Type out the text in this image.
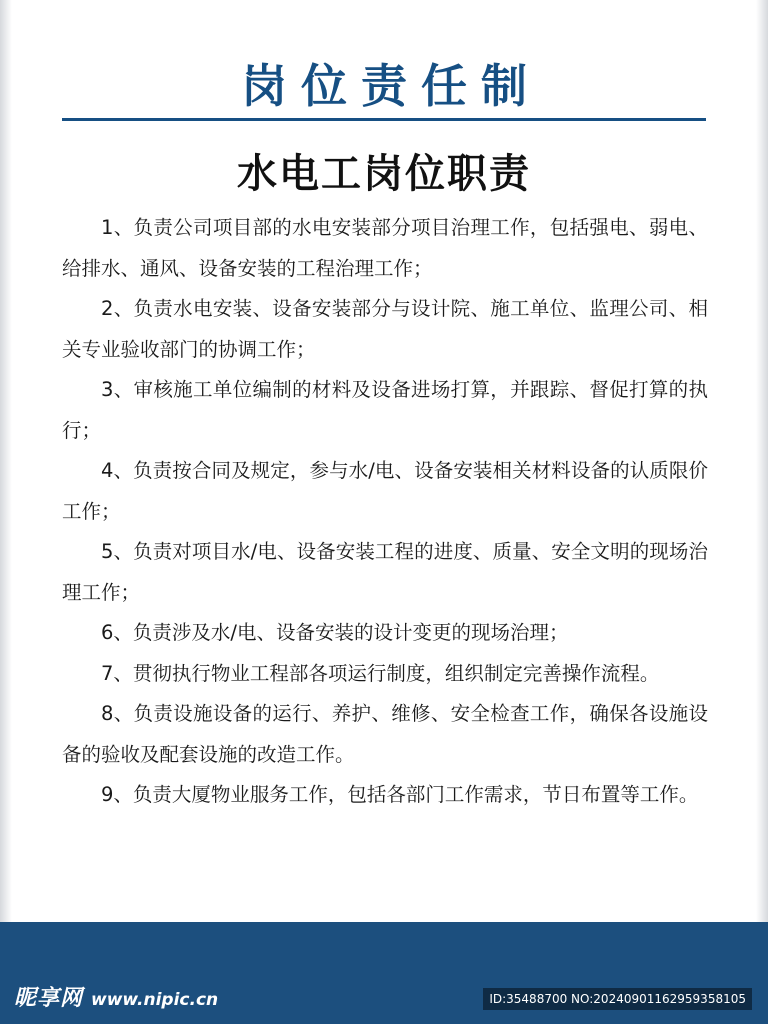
岗位责任制
水电工岗位职责
1、负责公司项目部的水电安装部分项目治理工作，包括强电、弱电、给排水、通风、设备安装的工程治理工作；
2、负责水电安装、设备安装部分与设计院、施工单位、监理公司、相关专业验收部门的协调工作；
3、审核施工单位编制的材料及设备进场打算，并跟踪、督促打算的执行；
4、负责按合同及规定，参与水/电、设备安装相关材料设备的认质限价工作；
5、负责对项目水/电、设备安装工程的进度、质量、安全文明的现场治理工作；
6、负责涉及水/电、设备安装的设计变更的现场治理；
7、贯彻执行物业工程部各项运行制度，组织制定完善操作流程。
8、负责设施设备的运行、养护、维修、安全检查工作，确保各设施设备的验收及配套设施的改造工作。
9、负责大厦物业服务工作，包括各部门工作需求，节日布置等工作。
昵享网 www.nipic.cn	ID:35488700 NO:20240901162959358105
